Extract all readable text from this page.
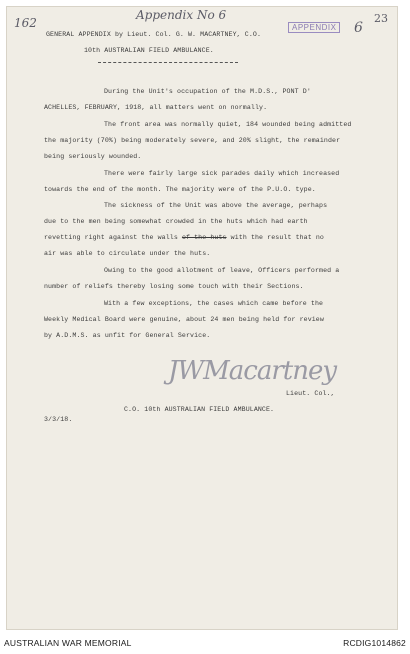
162
Appendix No 6
APPENDIX 6
23
GENERAL APPENDIX by Lieut. Col. G. W. MACARTNEY, C.O.
10th AUSTRALIAN FIELD AMBULANCE.
During the Unit's occupation of the M.D.S., PONT D'
ACHELLES, FEBRUARY, 1918, all matters went on normally.
The front area was normally quiet, 184 wounded being admitted
the majority (70%) being moderately severe, and 20% slight, the remainder
being seriously wounded.
There were fairly large sick parades daily which increased
towards the end of the month. The majority were of the P.U.O. type.
The sickness of the Unit was above the average, perhaps
due to the men being somewhat crowded in the huts which had earth
revetting right against the walls of the huts with the result that no
air was able to circulate under the huts.
Owing to the good allotment of leave, Officers performed a
number of reliefs thereby losing some touch with their Sections.
With a few exceptions, the cases which came before the
Weekly Medical Board were genuine, about 24 men being held for review
by A.D.M.S. as unfit for General Service.
JWMacartney
Lieut. Col.,
C.O. 10th AUSTRALIAN FIELD AMBULANCE.
3/3/18.
AUSTRALIAN WAR MEMORIAL	RCDIG1014862
